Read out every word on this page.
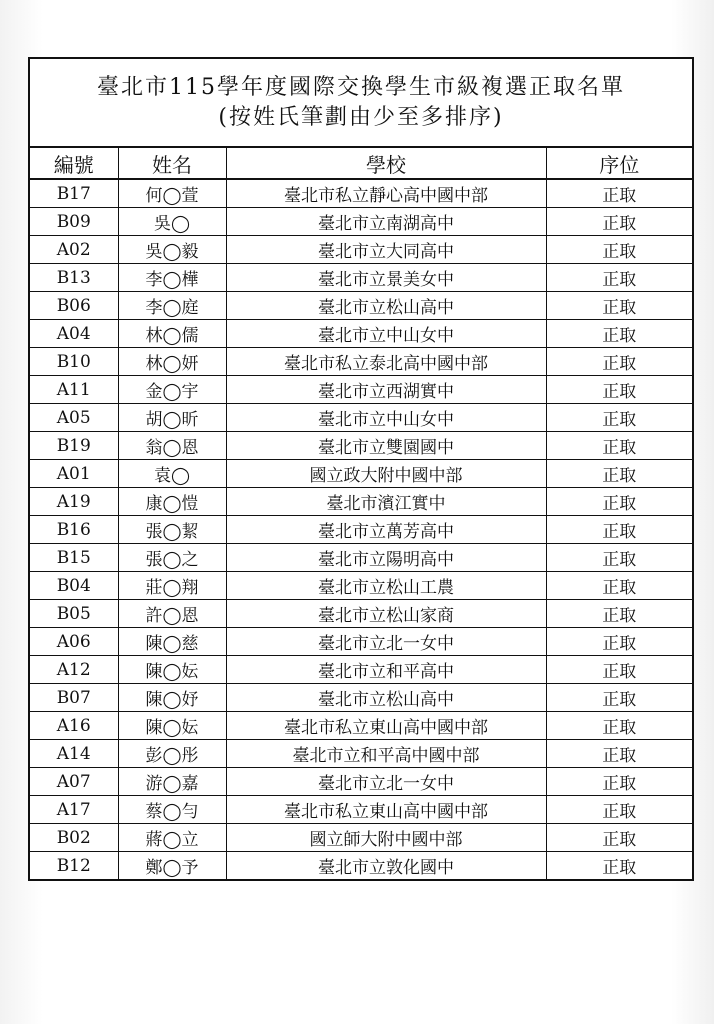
臺北市115學年度國際交換學生市級複選正取名單
(按姓氏筆劃由少至多排序)
編號	姓名	學校	序位
B17	何◯萱	臺北市私立靜心高中國中部	正取
B09	吳◯	臺北市立南湖高中	正取
A02	吳◯毅	臺北市立大同高中	正取
B13	李◯樺	臺北市立景美女中	正取
B06	李◯庭	臺北市立松山高中	正取
A04	林◯儒	臺北市立中山女中	正取
B10	林◯妍	臺北市私立泰北高中國中部	正取
A11	金◯宇	臺北市立西湖實中	正取
A05	胡◯昕	臺北市立中山女中	正取
B19	翁◯恩	臺北市立雙園國中	正取
A01	袁◯	國立政大附中國中部	正取
A19	康◯愷	臺北市濱江實中	正取
B16	張◯絜	臺北市立萬芳高中	正取
B15	張◯之	臺北市立陽明高中	正取
B04	莊◯翔	臺北市立松山工農	正取
B05	許◯恩	臺北市立松山家商	正取
A06	陳◯慈	臺北市立北一女中	正取
A12	陳◯妘	臺北市立和平高中	正取
B07	陳◯妤	臺北市立松山高中	正取
A16	陳◯妘	臺北市私立東山高中國中部	正取
A14	彭◯彤	臺北市立和平高中國中部	正取
A07	游◯嘉	臺北市立北一女中	正取
A17	蔡◯勻	臺北市私立東山高中國中部	正取
B02	蔣◯立	國立師大附中國中部	正取
B12	鄭◯予	臺北市立敦化國中	正取
